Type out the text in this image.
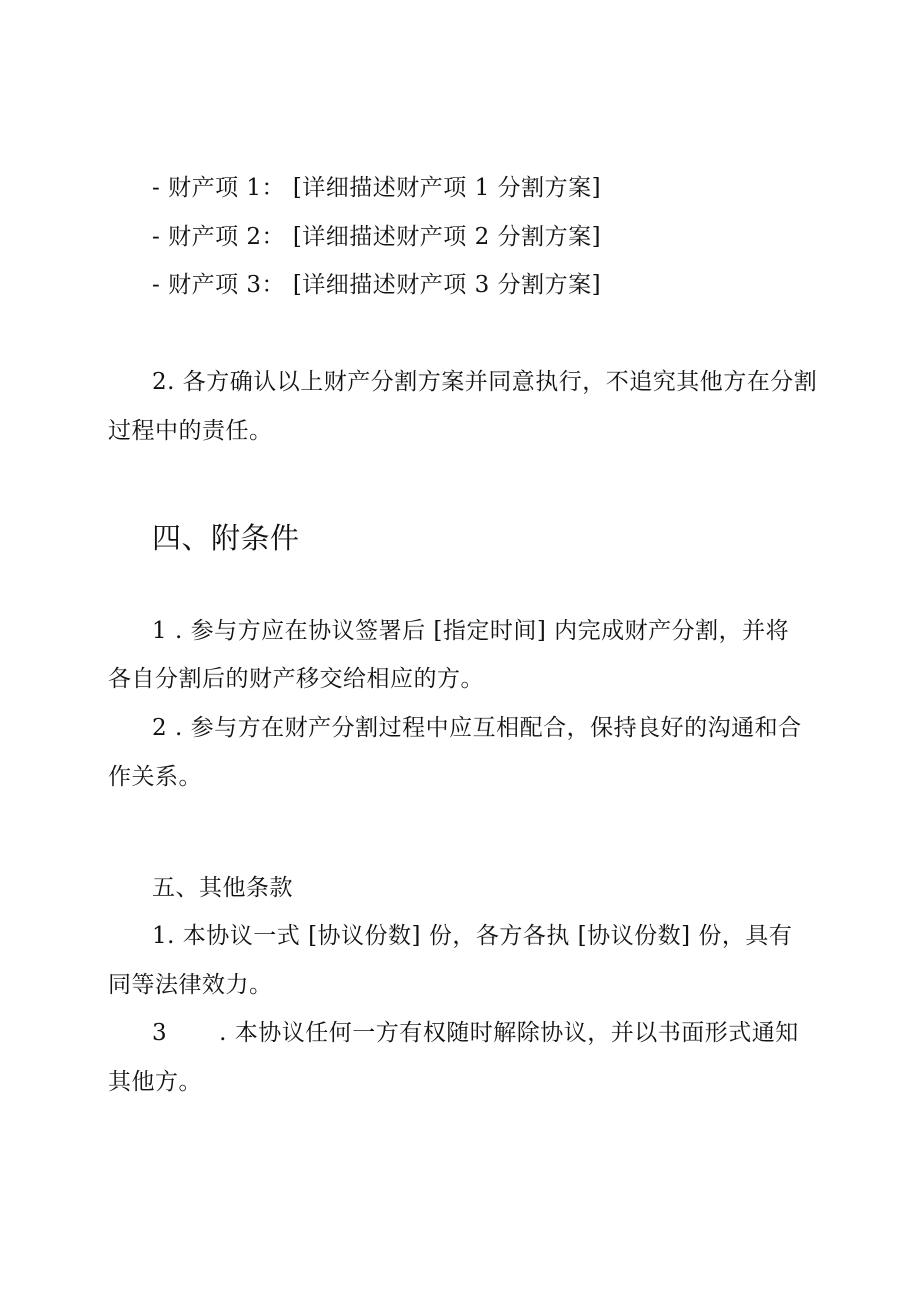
- 财产项 1： [详细描述财产项 1 分割方案]
- 财产项 2： [详细描述财产项 2 分割方案]
- 财产项 3： [详细描述财产项 3 分割方案]
2. 各方确认以上财产分割方案并同意执行，不追究其他方在分割
过程中的责任。
四、附条件
1 . 参与方应在协议签署后 [指定时间] 内完成财产分割，并将
各自分割后的财产移交给相应的方。
2 . 参与方在财产分割过程中应互相配合，保持良好的沟通和合
作关系。
五、其他条款
1. 本协议一式 [协议份数] 份，各方各执 [协议份数] 份，具有
同等法律效力。
3 . 本协议任何一方有权随时解除协议，并以书面形式通知
其他方。
